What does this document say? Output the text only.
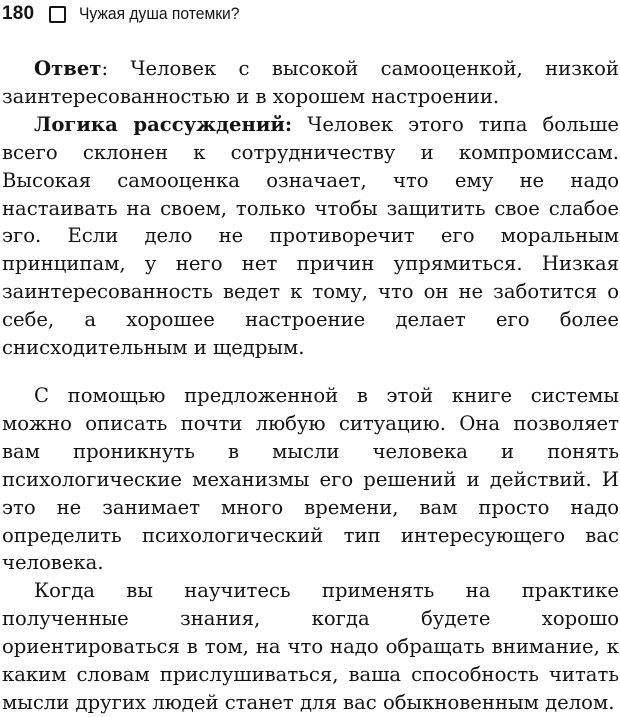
180	Чужая душа потемки?

Ответ: Человек с высокой самооценкой, низкой заинтересованностью и в хорошем настроении.

Логика рассуждений: Человек этого типа больше всего склонен к сотрудничеству и компромиссам. Высокая самооценка означает, что ему не надо настаивать на своем, только чтобы защитить свое слабое эго. Если дело не противоречит его моральным принципам, у него нет причин упрямиться. Низкая заинтересованность ведет к тому, что он не заботится о себе, а хорошее настроение делает его более снисходительным и щедрым.

С помощью предложенной в этой книге системы можно описать почти любую ситуацию. Она позволяет вам проникнуть в мысли человека и понять психологические механизмы его решений и действий. И это не занимает много времени, вам просто надо определить психологический тип интересующего вас человека.

Когда вы научитесь применять на практике полученные знания, когда будете хорошо ориентироваться в том, на что надо обращать внимание, к каким словам прислушиваться, ваша способность читать мысли других людей станет для вас обыкновенным делом.
